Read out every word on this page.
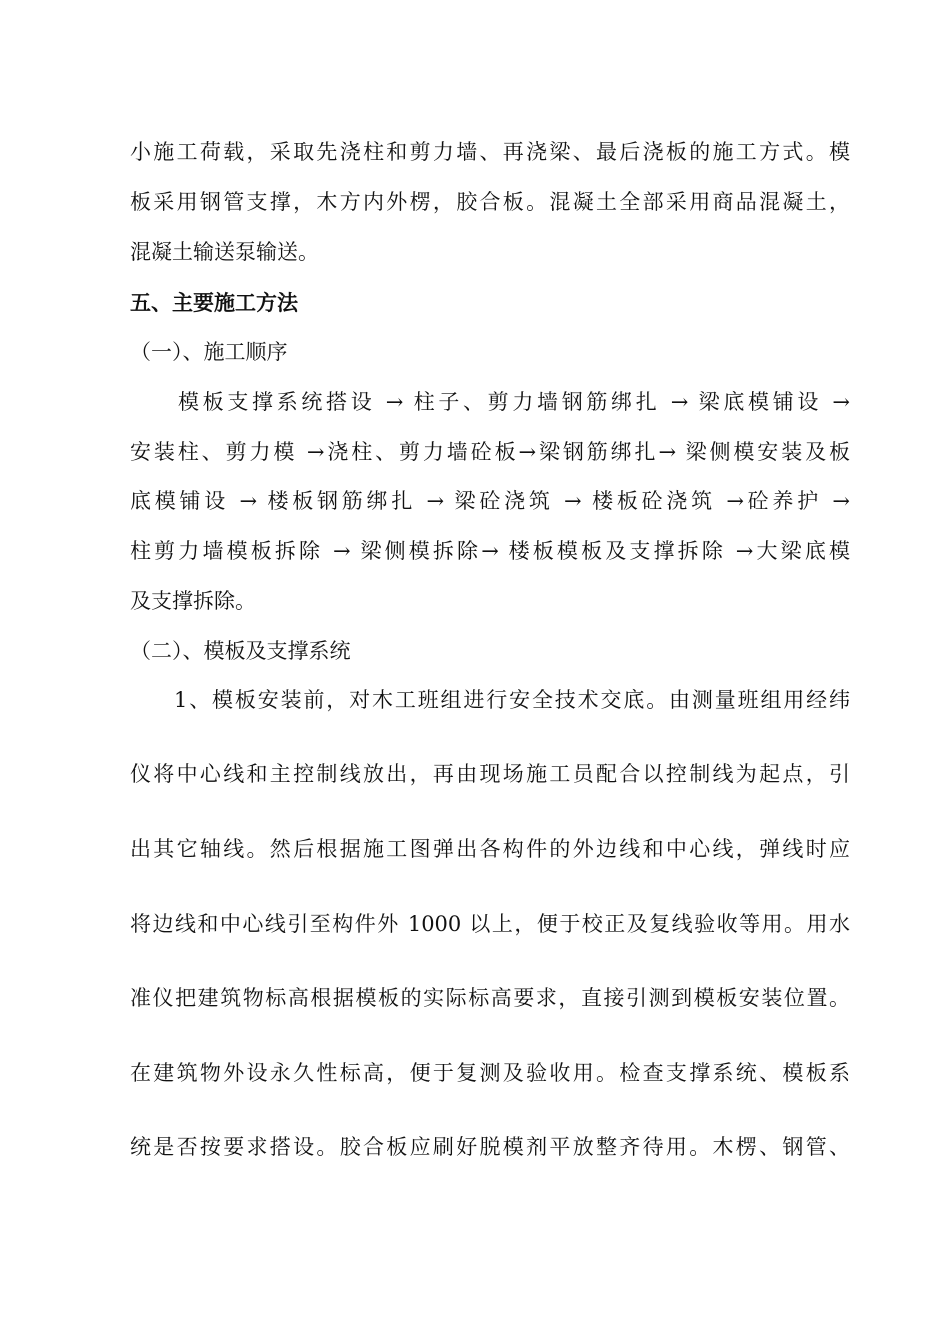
小施工荷载，采取先浇柱和剪力墙、再浇梁、最后浇板的施工方式。模
板采用钢管支撑，木方内外楞，胶合板。混凝土全部采用商品混凝土，
混凝土输送泵输送。
五、主要施工方法
（一）、施工顺序
模板支撑系统搭设 → 柱子、剪力墙钢筋绑扎 → 梁底模铺设 →
安装柱、剪力模 →浇柱、剪力墙砼板→梁钢筋绑扎→ 梁侧模安装及板
底模铺设 → 楼板钢筋绑扎 → 梁砼浇筑 → 楼板砼浇筑 →砼养护 →
柱剪力墙模板拆除 → 梁侧模拆除→ 楼板模板及支撑拆除 →大梁底模
及支撑拆除。
（二）、模板及支撑系统
1、模板安装前，对木工班组进行安全技术交底。由测量班组用经纬
仪将中心线和主控制线放出，再由现场施工员配合以控制线为起点，引
出其它轴线。然后根据施工图弹出各构件的外边线和中心线，弹线时应
将边线和中心线引至构件外 1000 以上，便于校正及复线验收等用。用水
准仪把建筑物标高根据模板的实际标高要求，直接引测到模板安装位置。
在建筑物外设永久性标高，便于复测及验收用。检查支撑系统、模板系
统是否按要求搭设。胶合板应刷好脱模剂平放整齐待用。木楞、钢管、
